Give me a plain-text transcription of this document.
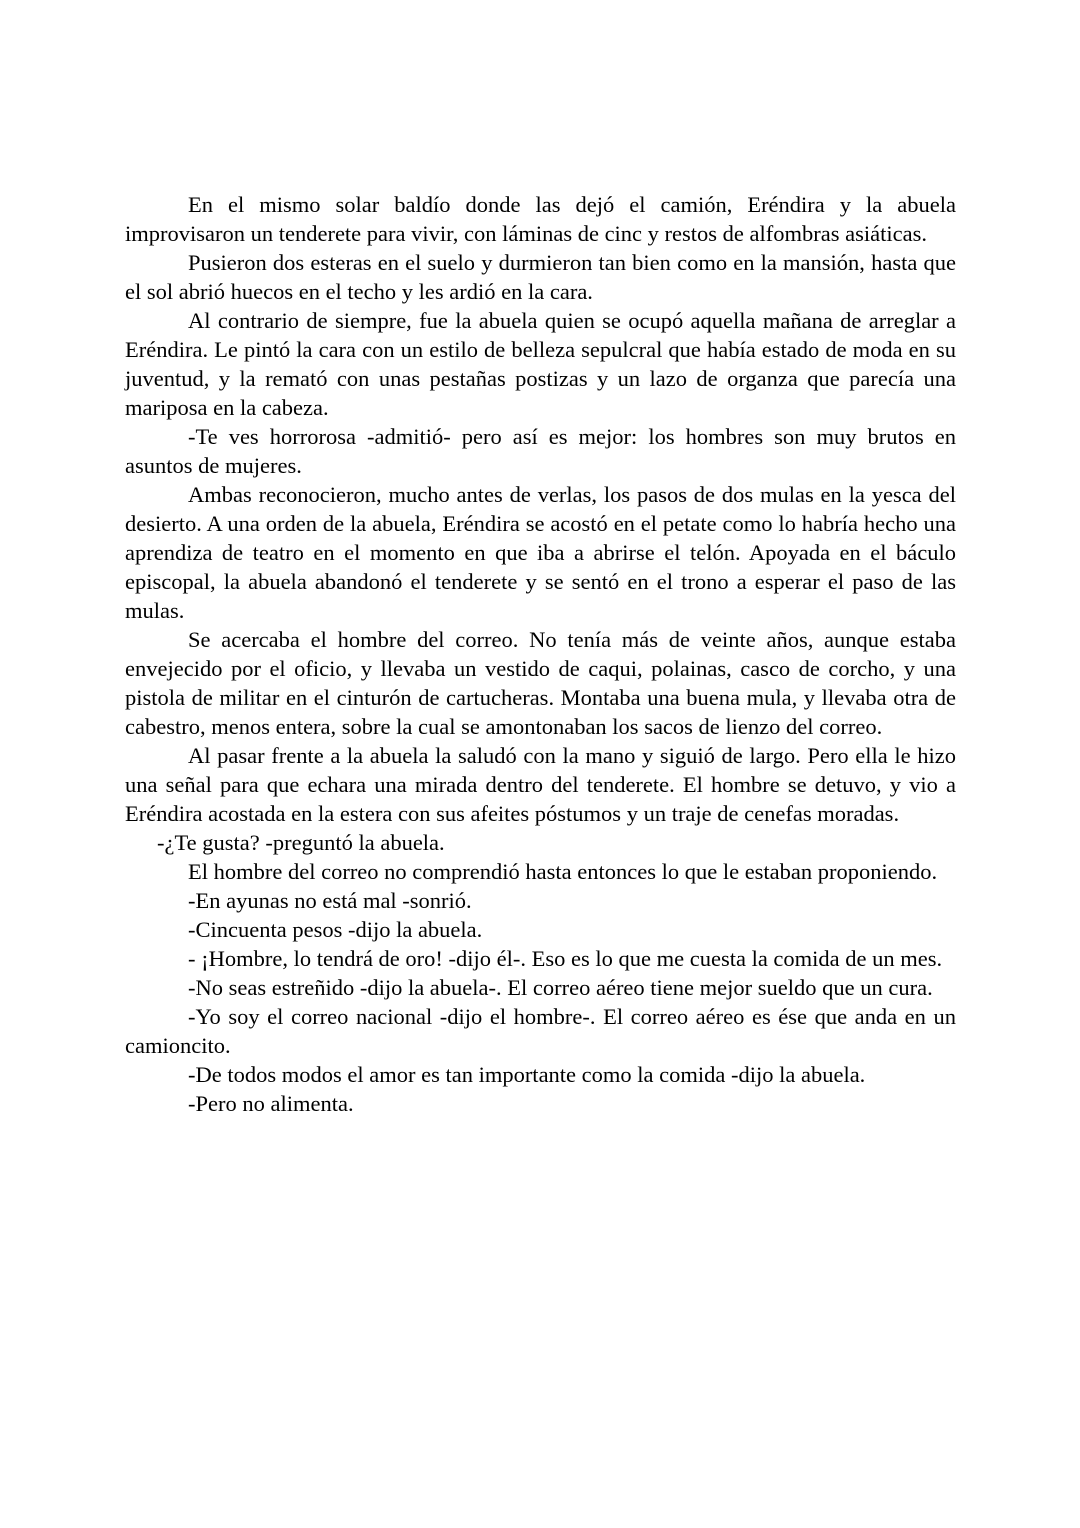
En el mismo solar baldío donde las dejó el camión, Eréndira y la abuela improvisaron un tenderete para vivir, con láminas de cinc y restos de alfombras asiáticas.

Pusieron dos esteras en el suelo y durmieron tan bien como en la mansión, hasta que el sol abrió huecos en el techo y les ardió en la cara.

Al contrario de siempre, fue la abuela quien se ocupó aquella mañana de arreglar a Eréndira. Le pintó la cara con un estilo de belleza sepulcral que había estado de moda en su juventud, y la remató con unas pestañas postizas y un lazo de organza que parecía una mariposa en la cabeza.

-Te ves horrorosa -admitió- pero así es mejor: los hombres son muy brutos en asuntos de mujeres.

Ambas reconocieron, mucho antes de verlas, los pasos de dos mulas en la yesca del desierto. A una orden de la abuela, Eréndira se acostó en el petate como lo habría hecho una aprendiza de teatro en el momento en que iba a abrirse el telón. Apoyada en el báculo episcopal, la abuela abandonó el tenderete y se sentó en el trono a esperar el paso de las mulas.

Se acercaba el hombre del correo. No tenía más de veinte años, aunque estaba envejecido por el oficio, y llevaba un vestido de caqui, polainas, casco de corcho, y una pistola de militar en el cinturón de cartucheras. Montaba una buena mula, y llevaba otra de cabestro, menos entera, sobre la cual se amontonaban los sacos de lienzo del correo.

Al pasar frente a la abuela la saludó con la mano y siguió de largo. Pero ella le hizo una señal para que echara una mirada dentro del tenderete. El hombre se detuvo, y vio a Eréndira acostada en la estera con sus afeites póstumos y un traje de cenefas moradas.

-¿Te gusta? -preguntó la abuela.

El hombre del correo no comprendió hasta entonces lo que le estaban proponiendo.

-En ayunas no está mal -sonrió.

-Cincuenta pesos -dijo la abuela.

- ¡Hombre, lo tendrá de oro! -dijo él-. Eso es lo que me cuesta la comida de un mes.

-No seas estreñido -dijo la abuela-. El correo aéreo tiene mejor sueldo que un cura.

-Yo soy el correo nacional -dijo el hombre-. El correo aéreo es ése que anda en un camioncito.

-De todos modos el amor es tan importante como la comida -dijo la abuela.

-Pero no alimenta.
